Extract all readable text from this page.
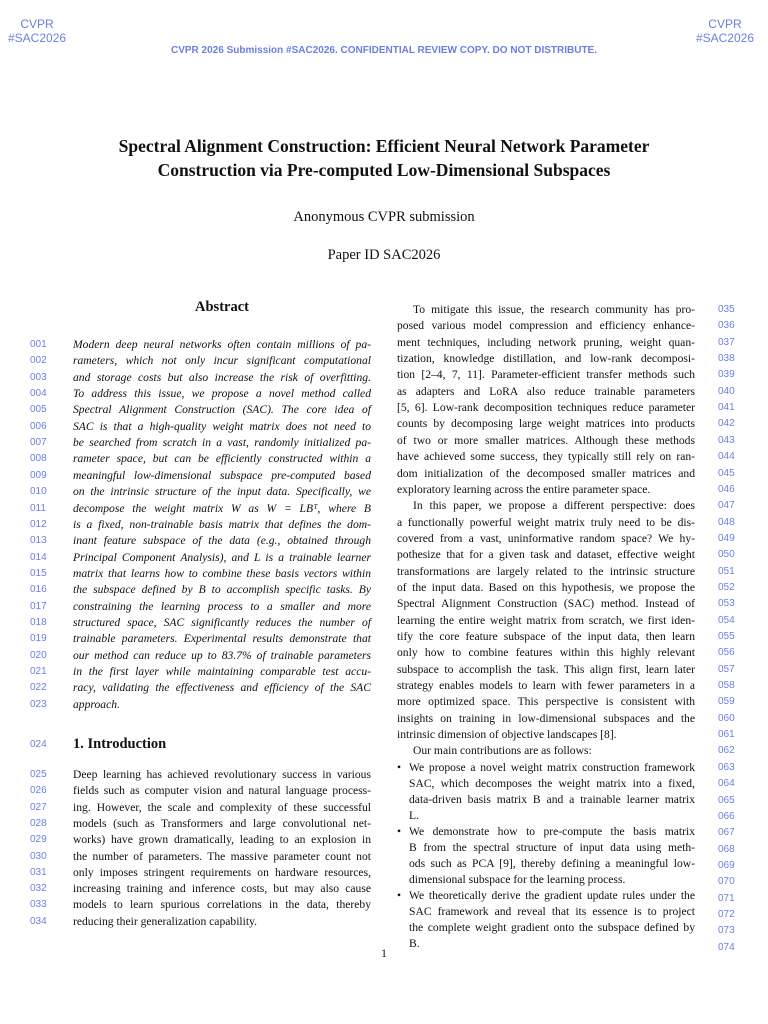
CVPR
#SAC2026
CVPR
#SAC2026
CVPR 2026 Submission #SAC2026. CONFIDENTIAL REVIEW COPY. DO NOT DISTRIBUTE.
Spectral Alignment Construction: Efficient Neural Network Parameter
Construction via Pre-computed Low-Dimensional Subspaces
Anonymous CVPR submission
Paper ID SAC2026
Abstract
Modern deep neural networks often contain millions of pa-
rameters, which not only incur significant computational
and storage costs but also increase the risk of overfitting.
To address this issue, we propose a novel method called
Spectral Alignment Construction (SAC). The core idea of
SAC is that a high-quality weight matrix does not need to
be searched from scratch in a vast, randomly initialized pa-
rameter space, but can be efficiently constructed within a
meaningful low-dimensional subspace pre-computed based
on the intrinsic structure of the input data. Specifically, we
decompose the weight matrix W as W = LBᵀ, where B
is a fixed, non-trainable basis matrix that defines the dom-
inant feature subspace of the data (e.g., obtained through
Principal Component Analysis), and L is a trainable learner
matrix that learns how to combine these basis vectors within
the subspace defined by B to accomplish specific tasks. By
constraining the learning process to a smaller and more
structured space, SAC significantly reduces the number of
trainable parameters. Experimental results demonstrate that
our method can reduce up to 83.7% of trainable parameters
in the first layer while maintaining comparable test accu-
racy, validating the effectiveness and efficiency of the SAC
approach.
1. Introduction
Deep learning has achieved revolutionary success in various
fields such as computer vision and natural language process-
ing. However, the scale and complexity of these successful
models (such as Transformers and large convolutional net-
works) have grown dramatically, leading to an explosion in
the number of parameters. The massive parameter count not
only imposes stringent requirements on hardware resources,
increasing training and inference costs, but may also cause
models to learn spurious correlations in the data, thereby
reducing their generalization capability.
To mitigate this issue, the research community has pro-
posed various model compression and efficiency enhance-
ment techniques, including network pruning, weight quan-
tization, knowledge distillation, and low-rank decomposi-
tion [2–4, 7, 11]. Parameter-efficient transfer methods such
as adapters and LoRA also reduce trainable parameters
[5, 6]. Low-rank decomposition techniques reduce parameter
counts by decomposing large weight matrices into products
of two or more smaller matrices. Although these methods
have achieved some success, they typically still rely on ran-
dom initialization of the decomposed smaller matrices and
exploratory learning across the entire parameter space.
In this paper, we propose a different perspective: does
a functionally powerful weight matrix truly need to be dis-
covered from a vast, uninformative random space? We hy-
pothesize that for a given task and dataset, effective weight
transformations are largely related to the intrinsic structure
of the input data. Based on this hypothesis, we propose the
Spectral Alignment Construction (SAC) method. Instead of
learning the entire weight matrix from scratch, we first iden-
tify the core feature subspace of the input data, then learn
only how to combine features within this highly relevant
subspace to accomplish the task. This align first, learn later
strategy enables models to learn with fewer parameters in a
more optimized space. This perspective is consistent with
insights on training in low-dimensional subspaces and the
intrinsic dimension of objective landscapes [8].
Our main contributions are as follows:
• We propose a novel weight matrix construction framework
SAC, which decomposes the weight matrix into a fixed,
data-driven basis matrix B and a trainable learner matrix
L.
• We demonstrate how to pre-compute the basis matrix
B from the spectral structure of input data using meth-
ods such as PCA [9], thereby defining a meaningful low-
dimensional subspace for the learning process.
• We theoretically derive the gradient update rules under the
SAC framework and reveal that its essence is to project
the complete weight gradient onto the subspace defined by
B.
001
002
003
004
005
006
007
008
009
010
011
012
013
014
015
016
017
018
019
020
021
022
023
024
025
026
027
028
029
030
031
032
033
034
035
036
037
038
039
040
041
042
043
044
045
046
047
048
049
050
051
052
053
054
055
056
057
058
059
060
061
062
063
064
065
066
067
068
069
070
071
072
073
074
1
